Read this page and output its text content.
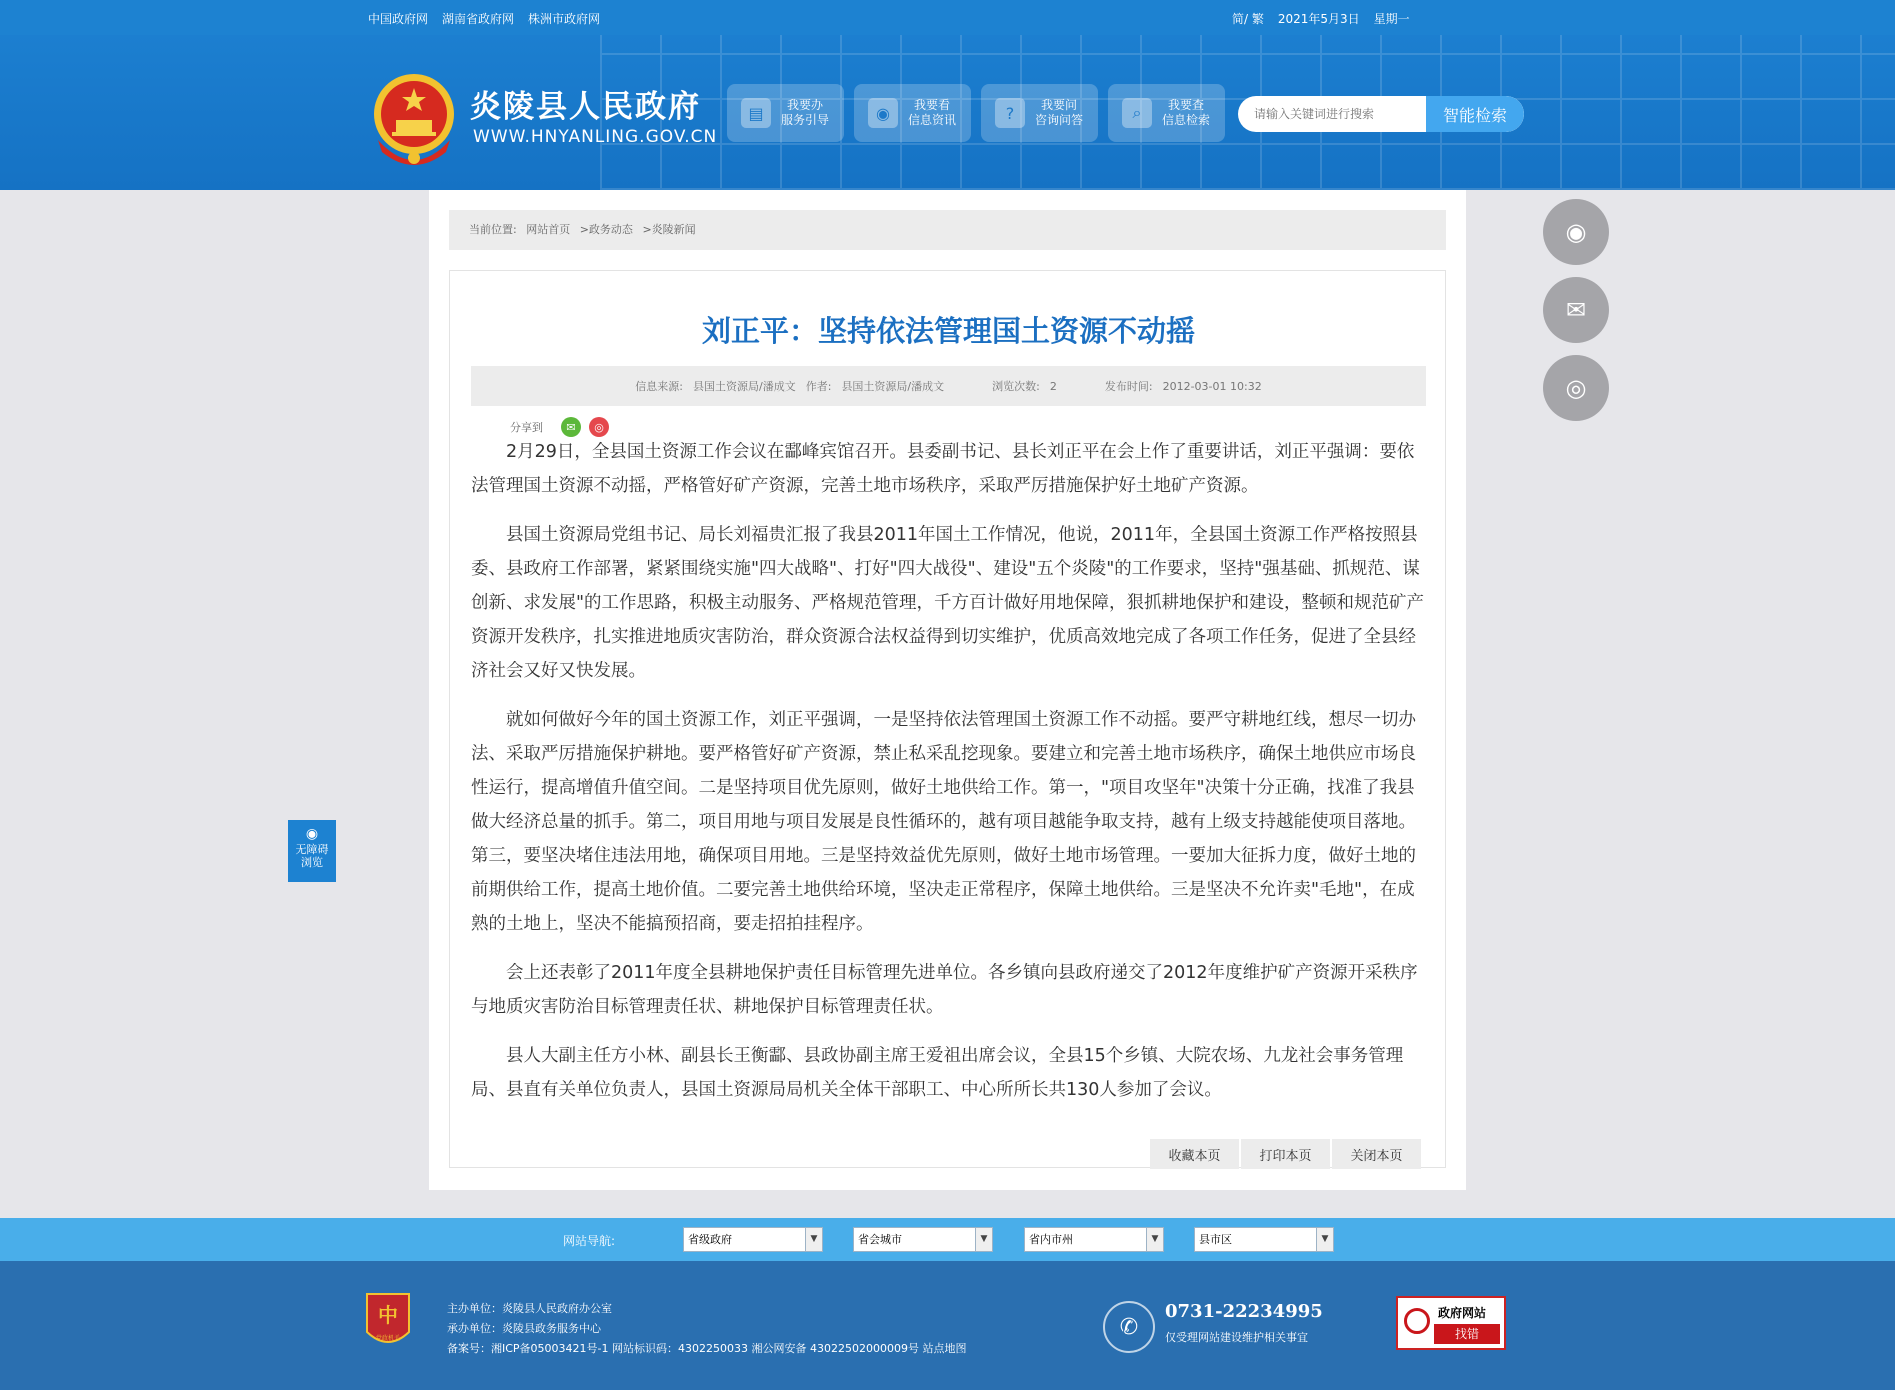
中国政府网 湖南省政府网 株洲市政府网	简/ 繁 2021年5月3日 星期一
炎陵县人民政府
WWW.HNYANLING.GOV.CN
▤	我要办
服务引导	◉	我要看
信息资讯	?	我要问
咨询问答	⌕	我要查
信息检索
请输入关键词进行搜索	智能检索
当前位置: 网站首页 >政务动态 >炎陵新闻
刘正平：坚持依法管理国土资源不动摇
信息来源: 县国土资源局/潘成文 作者: 县国土资源局/潘成文	浏览次数: 2	发布时间: 2012-03-01 10:32
分享到	✉	◎

2月29日，全县国土资源工作会议在酃峰宾馆召开。县委副书记、县长刘正平在会上作了重要讲话，刘正平强调：要依法管理国土资源不动摇，严格管好矿产资源，完善土地市场秩序，采取严厉措施保护好土地矿产资源。

县国土资源局党组书记、局长刘福贵汇报了我县2011年国土工作情况，他说，2011年，全县国土资源工作严格按照县委、县政府工作部署，紧紧围绕实施"四大战略"、打好"四大战役"、建设"五个炎陵"的工作要求，坚持"强基础、抓规范、谋创新、求发展"的工作思路，积极主动服务、严格规范管理，千方百计做好用地保障，狠抓耕地保护和建设，整顿和规范矿产资源开发秩序，扎实推进地质灾害防治，群众资源合法权益得到切实维护，优质高效地完成了各项工作任务，促进了全县经济社会又好又快发展。

就如何做好今年的国土资源工作，刘正平强调，一是坚持依法管理国土资源工作不动摇。要严守耕地红线，想尽一切办法、采取严厉措施保护耕地。要严格管好矿产资源，禁止私采乱挖现象。要建立和完善土地市场秩序，确保土地供应市场良性运行，提高增值升值空间。二是坚持项目优先原则，做好土地供给工作。第一，"项目攻坚年"决策十分正确，找准了我县做大经济总量的抓手。第二，项目用地与项目发展是良性循环的，越有项目越能争取支持，越有上级支持越能使项目落地。第三，要坚决堵住违法用地，确保项目用地。三是坚持效益优先原则，做好土地市场管理。一要加大征拆力度，做好土地的前期供给工作，提高土地价值。二要完善土地供给环境，坚决走正常程序，保障土地供给。三是坚决不允许卖"毛地"，在成熟的土地上，坚决不能搞预招商，要走招拍挂程序。

会上还表彰了2011年度全县耕地保护责任目标管理先进单位。各乡镇向县政府递交了2012年度维护矿产资源开采秩序与地质灾害防治目标管理责任状、耕地保护目标管理责任状。

县人大副主任方小林、副县长王衡酃、县政协副主席王爱祖出席会议，全县15个乡镇、大院农场、九龙社会事务管理局、县直有关单位负责人，县国土资源局局机关全体干部职工、中心所所长共130人参加了会议。

收藏本页	打印本页	关闭本页
◉
✉
◎
◉
无障碍
浏览
网站导航:	省级政府	▼	省会城市	▼	省内市州	▼	县市区	▼
中
党政机关
主办单位：炎陵县人民政府办公室
承办单位：炎陵县政务服务中心
备案号：湘ICP备05003421号-1 网站标识码：4302250033 湘公网安备 43022502000009号 站点地图
✆
0731-22234995
仅受理网站建设维护相关事宜
政府网站
找错
